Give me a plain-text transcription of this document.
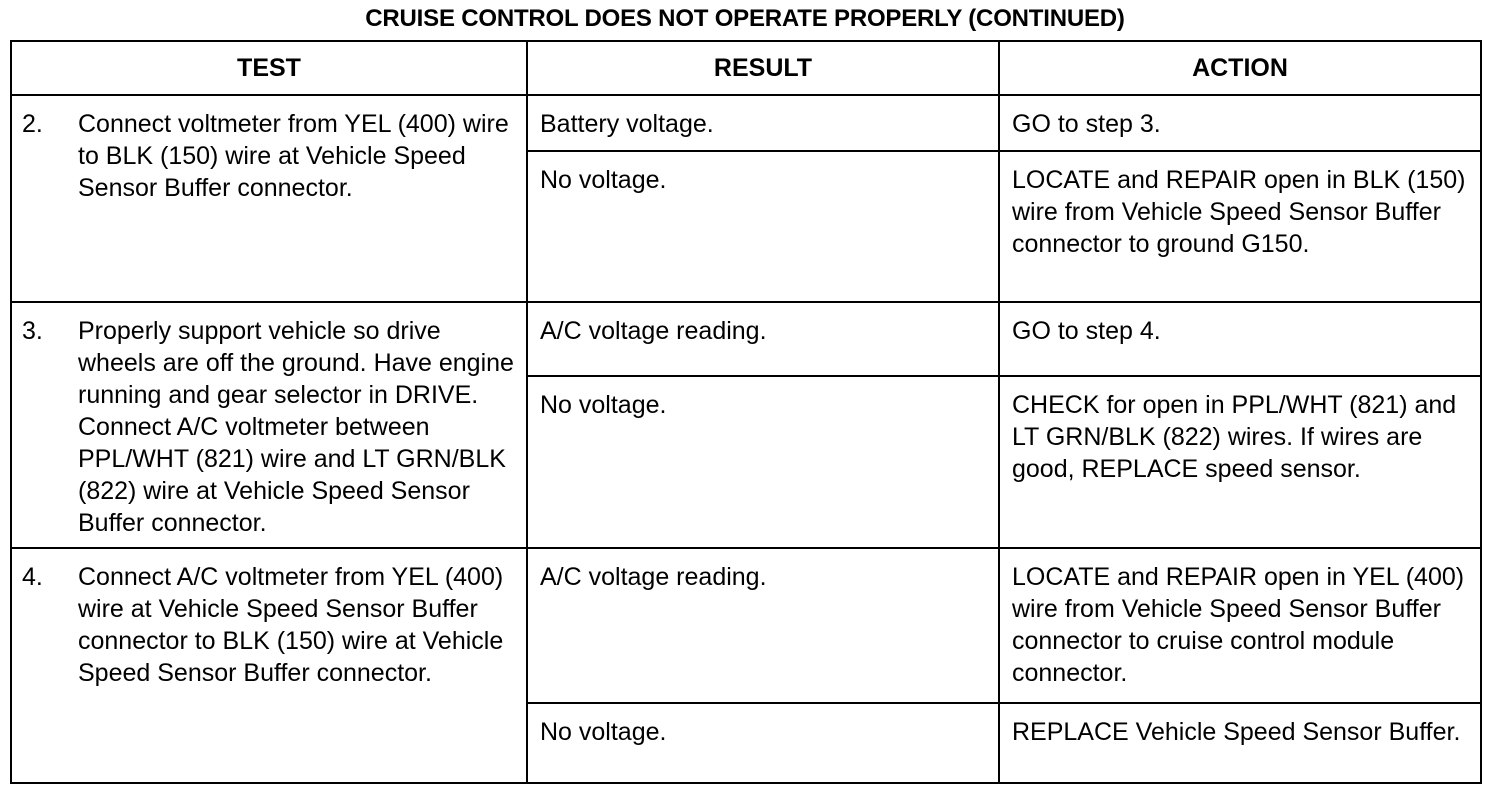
CRUISE CONTROL DOES NOT OPERATE PROPERLY (CONTINUED)
TEST	RESULT	ACTION

2. Connect voltmeter from YEL (400) wire to BLK (150) wire at Vehicle Speed Sensor Buffer connector.	Battery voltage.	GO to step 3.
	No voltage.	LOCATE and REPAIR open in BLK (150) wire from Vehicle Speed Sensor Buffer connector to ground G150.

3. Properly support vehicle so drive wheels are off the ground. Have engine running and gear selector in DRIVE. Connect A/C voltmeter between PPL/WHT (821) wire and LT GRN/BLK (822) wire at Vehicle Speed Sensor Buffer connector.	A/C voltage reading.	GO to step 4.
	No voltage.	CHECK for open in PPL/WHT (821) and LT GRN/BLK (822) wires. If wires are good, REPLACE speed sensor.

4. Connect A/C voltmeter from YEL (400) wire at Vehicle Speed Sensor Buffer connector to BLK (150) wire at Vehicle Speed Sensor Buffer connector.	A/C voltage reading.	LOCATE and REPAIR open in YEL (400) wire from Vehicle Speed Sensor Buffer connector to cruise control module connector.
	No voltage.	REPLACE Vehicle Speed Sensor Buffer.
